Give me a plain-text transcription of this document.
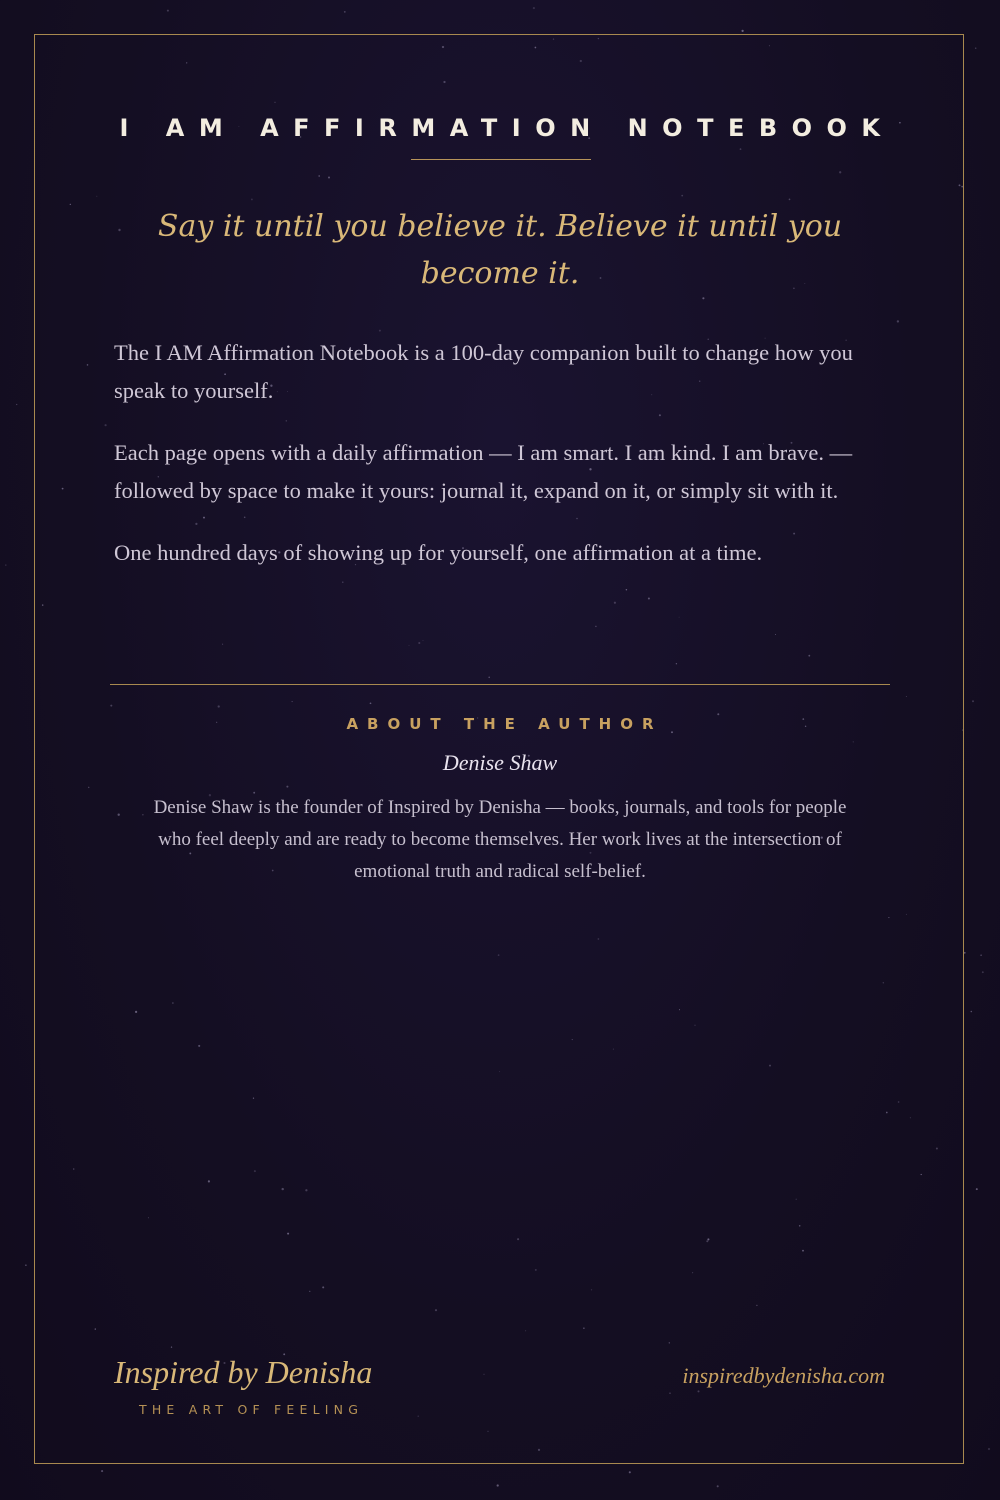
I AM AFFIRMATION NOTEBOOK
Say it until you believe it. Believe it until you become it.

The I AM Affirmation Notebook is a 100-day companion built to change how you speak to yourself.

Each page opens with a daily affirmation — I am smart. I am kind. I am brave. — followed by space to make it yours: journal it, expand on it, or simply sit with it.

One hundred days of showing up for yourself, one affirmation at a time.

ABOUT THE AUTHOR
Denise Shaw
Denise Shaw is the founder of Inspired by Denisha — books, journals, and tools for people who feel deeply and are ready to become themselves. Her work lives at the intersection of emotional truth and radical self-belief.
Inspired by Denisha
THE ART OF FEELING
inspiredbydenisha.com
